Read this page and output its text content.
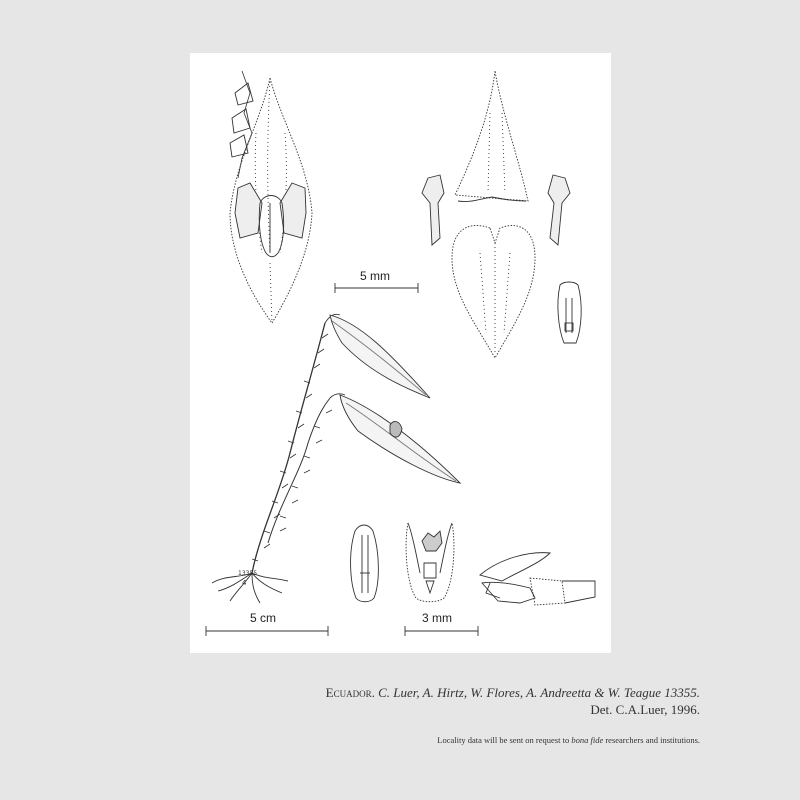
13355
4
5 mm
5 cm	3 mm
Ecuador. C. Luer, A. Hirtz, W. Flores, A. Andreetta & W. Teague 13355.
Det. C.A.Luer, 1996.
Locality data will be sent on request to bona fide researchers and institutions.
